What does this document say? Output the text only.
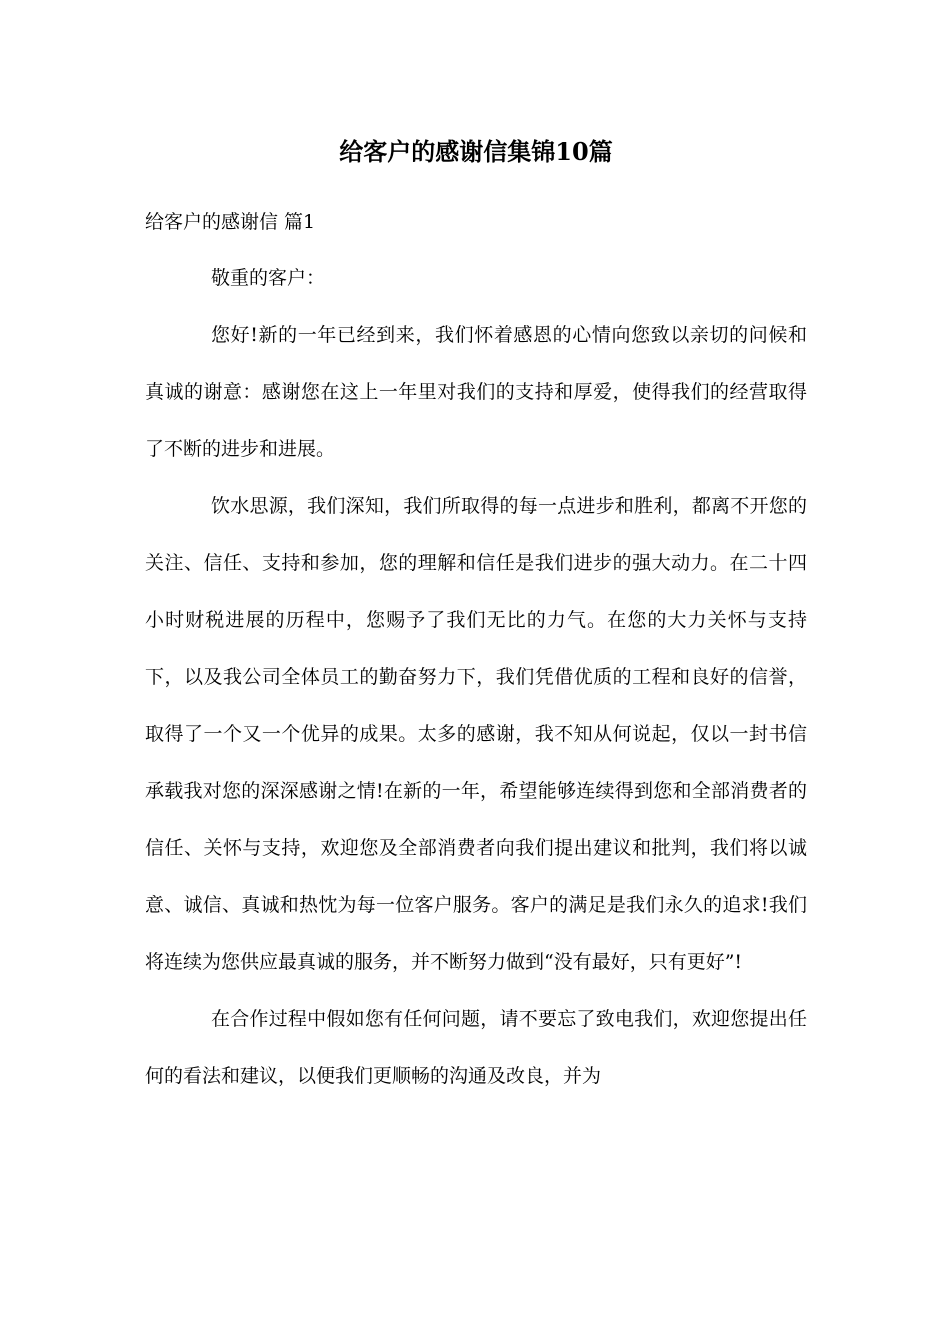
给客户的感谢信集锦10篇
给客户的感谢信 篇1

敬重的客户：

您好!新的一年已经到来，我们怀着感恩的心情向您致以亲切的问候和真诚的谢意：感谢您在这上一年里对我们的支持和厚爱，使得我们的经营取得了不断的进步和进展。

饮水思源，我们深知，我们所取得的每一点进步和胜利，都离不开您的关注、信任、支持和参加，您的理解和信任是我们进步的强大动力。在二十四小时财税进展的历程中，您赐予了我们无比的力气。在您的大力关怀与支持下，以及我公司全体员工的勤奋努力下，我们凭借优质的工程和良好的信誉，取得了一个又一个优异的成果。太多的感谢，我不知从何说起，仅以一封书信承载我对您的深深感谢之情!在新的一年，希望能够连续得到您和全部消费者的信任、关怀与支持，欢迎您及全部消费者向我们提出建议和批判，我们将以诚意、诚信、真诚和热忱为每一位客户服务。客户的满足是我们永久的追求!我们将连续为您供应最真诚的服务，并不断努力做到“没有最好，只有更好”!

在合作过程中假如您有任何问题，请不要忘了致电我们，欢迎您提出任何的看法和建议，以便我们更顺畅的沟通及改良，并为
